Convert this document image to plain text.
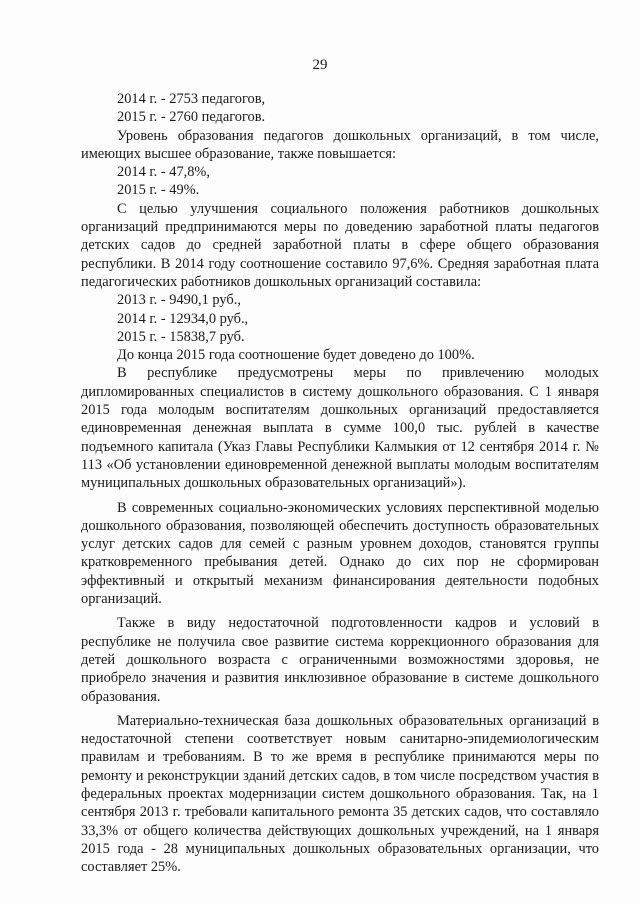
29

2014 г. - 2753 педагогов,

2015 г. - 2760 педагогов.

Уровень образования педагогов дошкольных организаций, в том числе, имеющих высшее образование, также повышается:

2014 г. - 47,8%,

2015 г. - 49%.

С целью улучшения социального положения работников дошкольных организаций предпринимаются меры по доведению заработной платы педагогов детских садов до средней заработной платы в сфере общего образования республики. В 2014 году соотношение составило 97,6%. Средняя заработная плата педагогических работников дошкольных организаций составила:

2013 г. - 9490,1 руб.,

2014 г. - 12934,0 руб.,

2015 г. - 15838,7 руб.

До конца 2015 года соотношение будет доведено до 100%.

В республике предусмотрены меры по привлечению молодых дипломированных специалистов в систему дошкольного образования. С 1 января 2015 года молодым воспитателям дошкольных организаций предоставляется единовременная денежная выплата в сумме 100,0 тыс. рублей в качестве подъемного капитала (Указ Главы Республики Калмыкия от 12 сентября 2014 г. № 113 «Об установлении единовременной денежной выплаты молодым воспитателям муниципальных дошкольных образовательных организаций»).

В современных социально-экономических условиях перспективной моделью дошкольного образования, позволяющей обеспечить доступность образовательных услуг детских садов для семей с разным уровнем доходов, становятся группы кратковременного пребывания детей. Однако до сих пор не сформирован эффективный и открытый механизм финансирования деятельности подобных организаций.

Также в виду недостаточной подготовленности кадров и условий в республике не получила свое развитие система коррекционного образования для детей дошкольного возраста с ограниченными возможностями здоровья, не приобрело значения и развития инклюзивное образование в системе дошкольного образования.

Материально-техническая база дошкольных образовательных организаций в недостаточной степени соответствует новым санитарно-эпидемиологическим правилам и требованиям. В то же время в республике принимаются меры по ремонту и реконструкции зданий детских садов, в том числе посредством участия в федеральных проектах модернизации систем дошкольного образования. Так, на 1 сентября 2013 г. требовали капитального ремонта 35 детских садов, что составляло 33,3% от общего количества действующих дошкольных учреждений, на 1 января 2015 года - 28 муниципальных дошкольных образовательных организации, что составляет 25%.
